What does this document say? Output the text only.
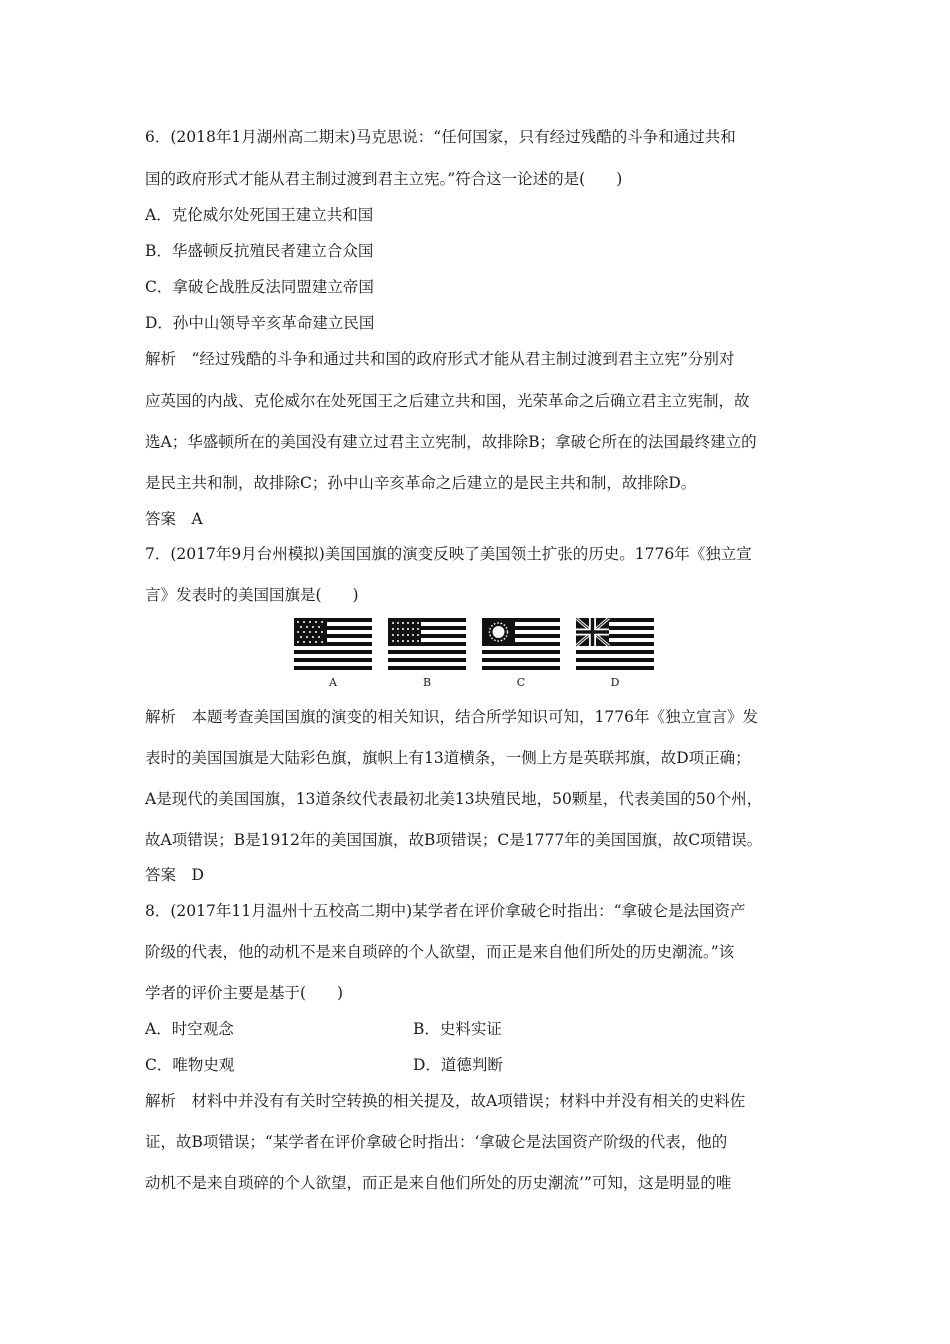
6．(2018年1月湖州高二期末)马克思说：“任何国家，只有经过残酷的斗争和通过共和
国的政府形式才能从君主制过渡到君主立宪。”符合这一论述的是(　　)
A．克伦威尔处死国王建立共和国
B．华盛顿反抗殖民者建立合众国
C．拿破仑战胜反法同盟建立帝国
D．孙中山领导辛亥革命建立民国
解析　“经过残酷的斗争和通过共和国的政府形式才能从君主制过渡到君主立宪”分别对
应英国的内战、克伦威尔在处死国王之后建立共和国，光荣革命之后确立君主立宪制，故
选A；华盛顿所在的美国没有建立过君主立宪制，故排除B；拿破仑所在的法国最终建立的
是民主共和制，故排除C；孙中山辛亥革命之后建立的是民主共和制，故排除D。
答案　A
7．(2017年9月台州模拟)美国国旗的演变反映了美国领土扩张的历史。1776年《独立宣
言》发表时的美国国旗是(　　)
A	B	C	D
解析　本题考查美国国旗的演变的相关知识，结合所学知识可知，1776年《独立宣言》发
表时的美国国旗是大陆彩色旗，旗帜上有13道横条，一侧上方是英联邦旗，故D项正确；
A是现代的美国国旗，13道条纹代表最初北美13块殖民地，50颗星，代表美国的50个州，
故A项错误；B是1912年的美国国旗，故B项错误；C是1777年的美国国旗，故C项错误。
答案　D
8．(2017年11月温州十五校高二期中)某学者在评价拿破仑时指出：“拿破仑是法国资产
阶级的代表，他的动机不是来自琐碎的个人欲望，而正是来自他们所处的历史潮流。”该
学者的评价主要是基于(　　)
A．时空观念	B．史料实证
C．唯物史观	D．道德判断
解析　材料中并没有有关时空转换的相关提及，故A项错误；材料中并没有相关的史料佐
证，故B项错误；“某学者在评价拿破仑时指出：‘拿破仑是法国资产阶级的代表，他的
动机不是来自琐碎的个人欲望，而正是来自他们所处的历史潮流’”可知，这是明显的唯
